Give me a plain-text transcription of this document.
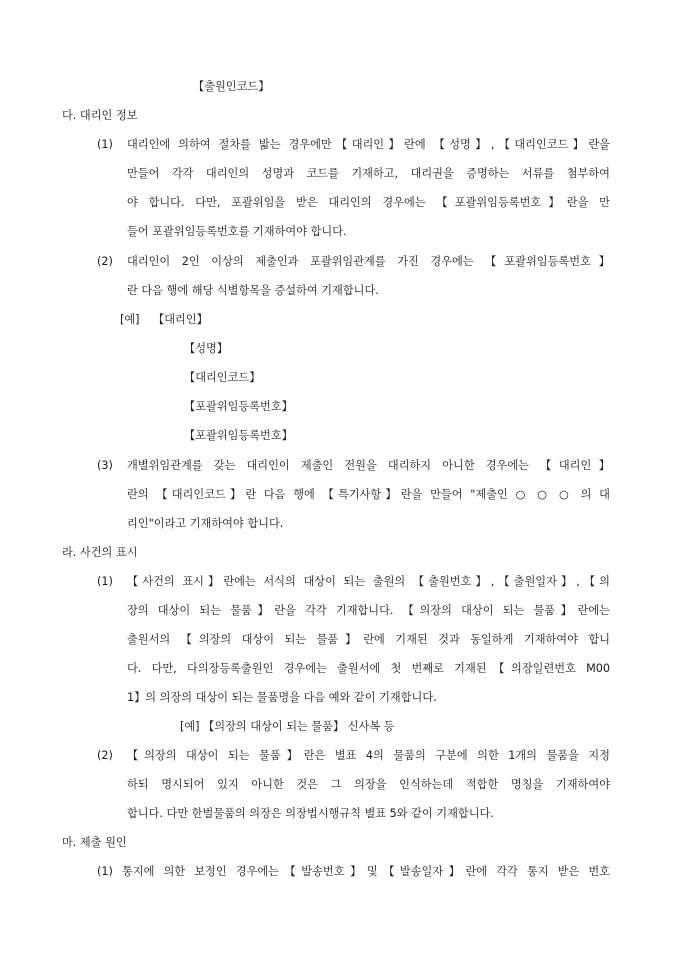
【출원인코드】
다. 대리인 정보
(1) 대리인에 의하여 절차를 밟는 경우에만【대리인】란에 【성명】,【대리인코드】란을
만들어 각각 대리인의 성명과 코드를 기재하고, 대리권을 증명하는 서류를 첨부하여
야 합니다. 다만, 포괄위임을 받은 대리인의 경우에는 【포괄위임등록번호】란을 만
들어 포괄위임등록번호를 기재하여야 합니다.
(2) 대리인이 2인 이상의 제출인과 포괄위임관계를 가진 경우에는 【포괄위임등록번호】
란 다음 행에 해당 식별항목을 증설하여 기재합니다.
[예] 【대리인】
【성명】
【대리인코드】
【포괄위임등록번호】
【포괄위임등록번호】
(3) 개별위임관계를 갖는 대리인이 제출인 전원을 대리하지 아니한 경우에는 【대리인】
란의 【대리인코드】란 다음 행에 【특기사항】란을 만들어 "제출인 ○ ○ ○ 의 대
리인"이라고 기재하여야 합니다.
라. 사건의 표시
(1) 【사건의 표시】란에는 서식의 대상이 되는 출원의 【출원번호】,【출원일자】,【의
장의 대상이 되는 물품】란을 각각 기재합니다. 【의장의 대상이 되는 물품】란에는
출원서의 【의장의 대상이 되는 물품】란에 기재된 것과 동일하게 기재하여야 합니
다. 다만, 다의장등록출원인 경우에는 출원서에 첫 번째로 기재된【의장일련번호 M00
1】의 의장의 대상이 되는 물품명을 다음 예와 같이 기재합니다.
[예] 【의장의 대상이 되는 물품】 신사복 등
(2) 【의장의 대상이 되는 물품】란은 별표 4의 물품의 구분에 의한 1개의 물품을 지정
하되 명시되어 있지 아니한 것은 그 의장을 인식하는데 적합한 명칭을 기재하여야
합니다. 다만 한벌물품의 의장은 의장법시행규칙 별표 5와 같이 기재합니다.
마. 제출 원인
(1) 통지에 의한 보정인 경우에는【발송번호】및【발송일자】란에 각각 통지 받은 번호
